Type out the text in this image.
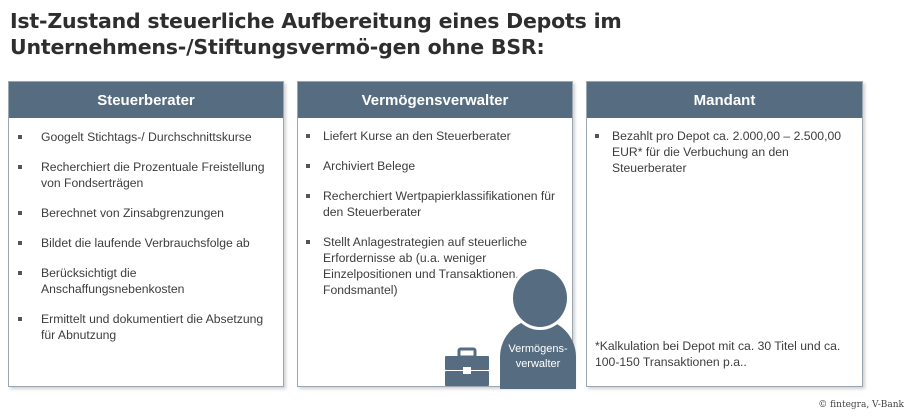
Ist-Zustand steuerliche Aufbereitung eines Depots im Unternehmens-/Stiftungsvermö-gen ohne BSR:
Steuerberater
Googelt Stichtags-/ Durchschnittskurse
Recherchiert die Prozentuale Freistellung von Fondserträgen
Berechnet von Zinsabgrenzungen
Bildet die laufende Verbrauchsfolge ab
Berücksichtigt die Anschaffungsnebenkosten
Ermittelt und dokumentiert die Absetzung für Abnutzung
Vermögensverwalter
Liefert Kurse an den Steuerberater
Archiviert Belege
Recherchiert Wertpapierklassifikationen für den Steuerberater
Stellt Anlagestrategien auf steuerliche Erfordernisse ab (u.a. weniger Einzelpositionen und Transaktionen, Fondsmantel)
Mandant
Bezahlt pro Depot ca. 2.000,00 – 2.500,00 EUR* für die Verbuchung an den Steuerberater
*Kalkulation bei Depot mit ca. 30 Titel und ca. 100-150 Transaktionen p.a..
Vermögens-verwalter
© fintegra, V-Bank
